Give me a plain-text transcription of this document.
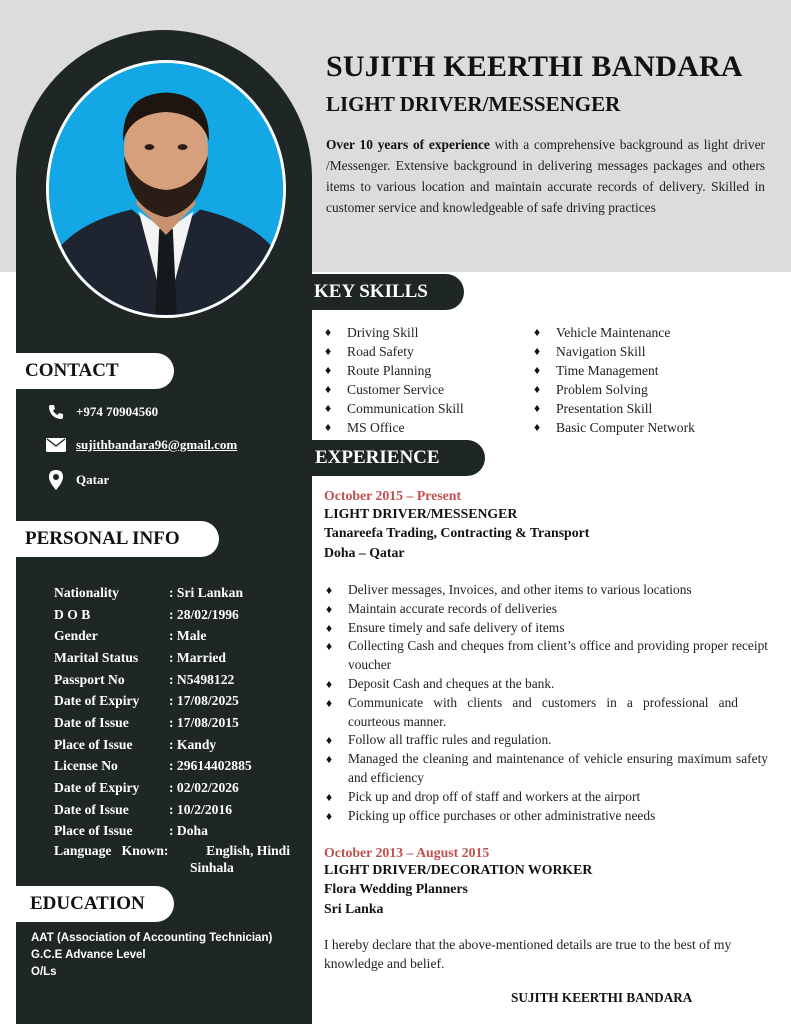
SUJITH KEERTHI BANDARA
LIGHT DRIVER/MESSENGER

Over 10 years of experience with a comprehensive background as light driver /Messenger. Extensive background in delivering messages packages and others items to various location and maintain accurate records of delivery. Skilled in customer service and knowledgeable of safe driving practices

CONTACT
+974 70904560
sujithbandara96@gmail.com
Qatar
PERSONAL INFO
Nationality	: Sri Lankan
D O B	: 28/02/1996
Gender	: Male
Marital Status	: Married
Passport No	: N5498122
Date of Expiry	: 17/08/2025
Date of Issue	: 17/08/2015
Place of Issue	: Kandy
License No	: 29614402885
Date of Expiry	: 02/02/2026
Date of Issue	: 10/2/2016
Place of Issue	: Doha
Language Known:	English, Hindi
Sinhala
EDUCATION
AAT (Association of Accounting Technician)
G.C.E Advance Level
O/Ls
KEY SKILLS
♦ Driving Skill
♦ Road Safety
♦ Route Planning
♦ Customer Service
♦ Communication Skill
♦ MS Office
♦ Vehicle Maintenance
♦ Navigation Skill
♦ Time Management
♦ Problem Solving
♦ Presentation Skill
♦ Basic Computer Network
EXPERIENCE
October 2015 – Present
LIGHT DRIVER/MESSENGER
Tanareefa Trading, Contracting & Transport
Doha – Qatar
♦ Deliver messages, Invoices, and other items to various locations
♦ Maintain accurate records of deliveries
♦ Ensure timely and safe delivery of items
♦ Collecting Cash and cheques from client’s office and providing proper receipt voucher
♦ Deposit Cash and cheques at the bank.
♦ Communicate with clients and customers in a professional and courteous manner.
♦ Follow all traffic rules and regulation.
♦ Managed the cleaning and maintenance of vehicle ensuring maximum safety and efficiency
♦ Pick up and drop off of staff and workers at the airport
♦ Picking up office purchases or other administrative needs
October 2013 – August 2015
LIGHT DRIVER/DECORATION WORKER
Flora Wedding Planners
Sri Lanka

I hereby declare that the above-mentioned details are true to the best of my knowledge and belief.

SUJITH KEERTHI BANDARA
